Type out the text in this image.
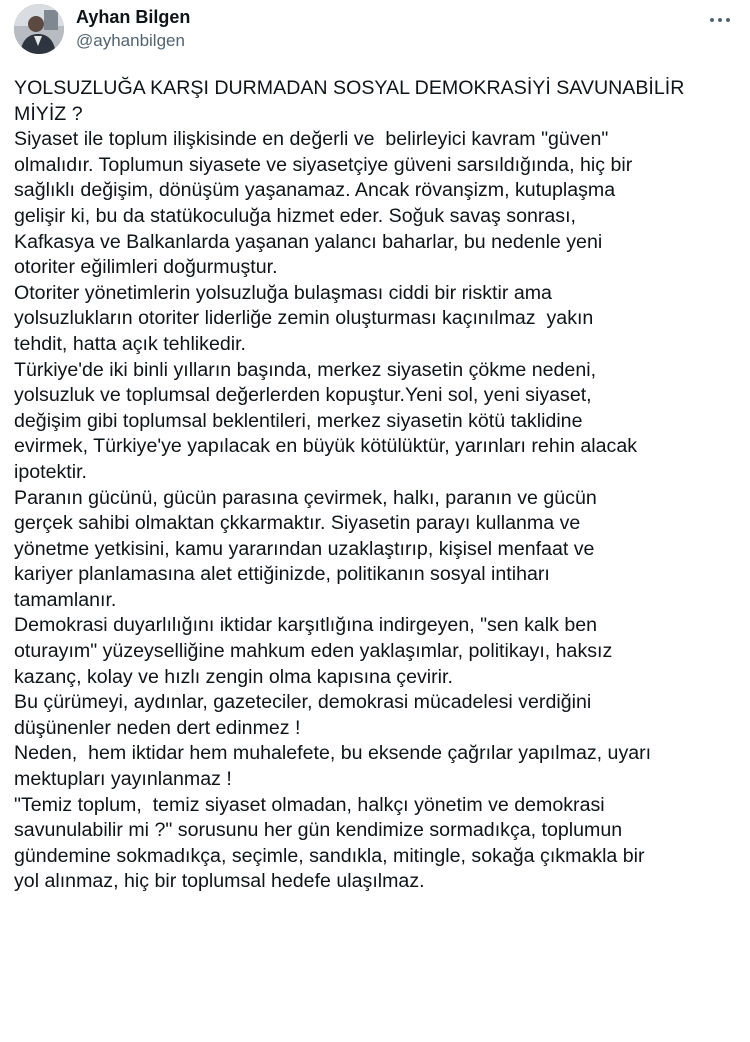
Ayhan Bilgen
@ayhanbilgen

YOLSUZLUĞA KARŞI DURMADAN SOSYAL DEMOKRASİYİ SAVUNABİLİR

MİYİZ ?

Siyaset ile toplum ilişkisinde en değerli ve  belirleyici kavram "güven"

olmalıdır. Toplumun siyasete ve siyasetçiye güveni sarsıldığında, hiç bir

sağlıklı değişim, dönüşüm yaşanamaz. Ancak rövanşizm, kutuplaşma

gelişir ki, bu da statükoculuğa hizmet eder. Soğuk savaş sonrası,

Kafkasya ve Balkanlarda yaşanan yalancı baharlar, bu nedenle yeni

otoriter eğilimleri doğurmuştur.

Otoriter yönetimlerin yolsuzluğa bulaşması ciddi bir risktir ama

yolsuzlukların otoriter liderliğe zemin oluşturması kaçınılmaz  yakın

tehdit, hatta açık tehlikedir.

Türkiye'de iki binli yılların başında, merkez siyasetin çökme nedeni,

yolsuzluk ve toplumsal değerlerden kopuştur.Yeni sol, yeni siyaset,

değişim gibi toplumsal beklentileri, merkez siyasetin kötü taklidine

evirmek, Türkiye'ye yapılacak en büyük kötülüktür, yarınları rehin alacak

ipotektir.

Paranın gücünü, gücün parasına çevirmek, halkı, paranın ve gücün

gerçek sahibi olmaktan çkkarmaktır. Siyasetin parayı kullanma ve

yönetme yetkisini, kamu yararından uzaklaştırıp, kişisel menfaat ve

kariyer planlamasına alet ettiğinizde, politikanın sosyal intiharı

tamamlanır.

Demokrasi duyarlılığını iktidar karşıtlığına indirgeyen, "sen kalk ben

oturayım" yüzeyselliğine mahkum eden yaklaşımlar, politikayı, haksız

kazanç, kolay ve hızlı zengin olma kapısına çevirir.

Bu çürümeyi, aydınlar, gazeteciler, demokrasi mücadelesi verdiğini

düşünenler neden dert edinmez !

Neden,  hem iktidar hem muhalefete, bu eksende çağrılar yapılmaz, uyarı

mektupları yayınlanmaz !

"Temiz toplum,  temiz siyaset olmadan, halkçı yönetim ve demokrasi

savunulabilir mi ?" sorusunu her gün kendimize sormadıkça, toplumun

gündemine sokmadıkça, seçimle, sandıkla, mitingle, sokağa çıkmakla bir

yol alınmaz, hiç bir toplumsal hedefe ulaşılmaz.
